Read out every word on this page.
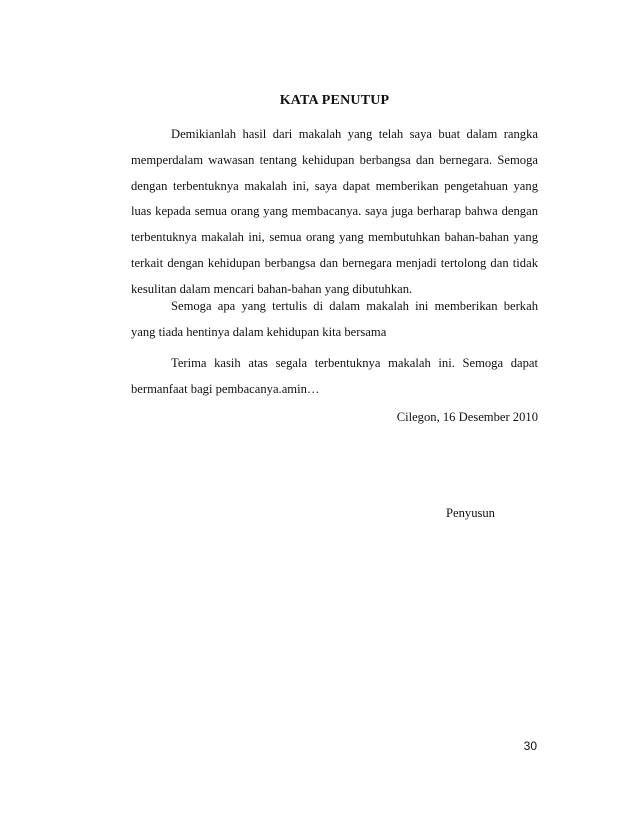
KATA PENUTUP

Demikianlah hasil dari makalah yang telah saya buat dalam rangka memperdalam wawasan tentang kehidupan berbangsa dan bernegara. Semoga dengan terbentuknya makalah ini, saya dapat memberikan pengetahuan yang luas kepada semua orang yang membacanya. saya juga berharap bahwa dengan terbentuknya makalah ini, semua orang yang membutuhkan bahan-bahan yang terkait dengan kehidupan berbangsa dan bernegara menjadi tertolong dan tidak kesulitan dalam mencari bahan-bahan yang dibutuhkan.

Semoga apa yang tertulis di dalam makalah ini memberikan berkah yang tiada hentinya dalam kehidupan kita bersama

Terima kasih atas segala terbentuknya makalah ini. Semoga dapat bermanfaat bagi pembacanya.amin…

Cilegon, 16 Desember 2010
Penyusun
30
